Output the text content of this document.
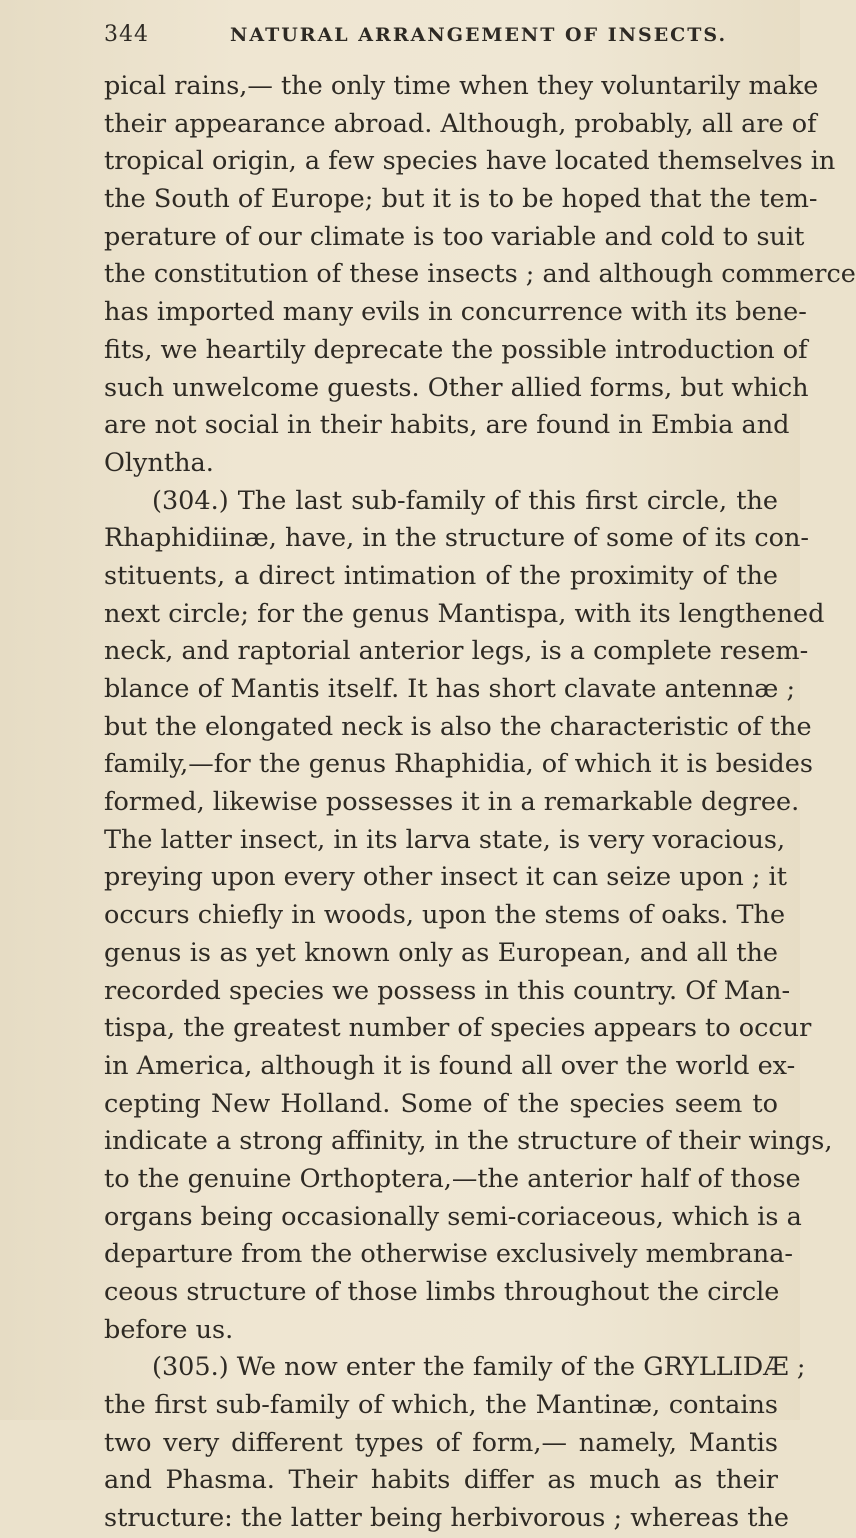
344	NATURAL ARRANGEMENT OF INSECTS.
pical rains,— the only time when they voluntarily make
their appearance abroad. Although, probably, all are of
tropical origin, a few species have located themselves in
the South of Europe; but it is to be hoped that the tem-
perature of our climate is too variable and cold to suit
the constitution of these insects ; and although commerce
has imported many evils in concurrence with its bene-
fits, we heartily deprecate the possible introduction of
such unwelcome guests. Other allied forms, but which
are not social in their habits, are found in Embia and
Olyntha.
(304.) The last sub-family of this first circle, the
Rhaphidiinæ, have, in the structure of some of its con-
stituents, a direct intimation of the proximity of the
next circle; for the genus Mantispa, with its lengthened
neck, and raptorial anterior legs, is a complete resem-
blance of Mantis itself. It has short clavate antennæ ;
but the elongated neck is also the characteristic of the
family,—for the genus Rhaphidia, of which it is besides
formed, likewise possesses it in a remarkable degree.
The latter insect, in its larva state, is very voracious,
preying upon every other insect it can seize upon ; it
occurs chiefly in woods, upon the stems of oaks. The
genus is as yet known only as European, and all the
recorded species we possess in this country. Of Man-
tispa, the greatest number of species appears to occur
in America, although it is found all over the world ex-
cepting New Holland. Some of the species seem to
indicate a strong affinity, in the structure of their wings,
to the genuine Orthoptera,—the anterior half of those
organs being occasionally semi-coriaceous, which is a
departure from the otherwise exclusively membrana-
ceous structure of those limbs throughout the circle
before us.
(305.) We now enter the family of the GRYLLIDÆ ;
the first sub-family of which, the Mantinæ, contains
two very different types of form,— namely, Mantis
and Phasma. Their habits differ as much as their
structure: the latter being herbivorous ; whereas the
